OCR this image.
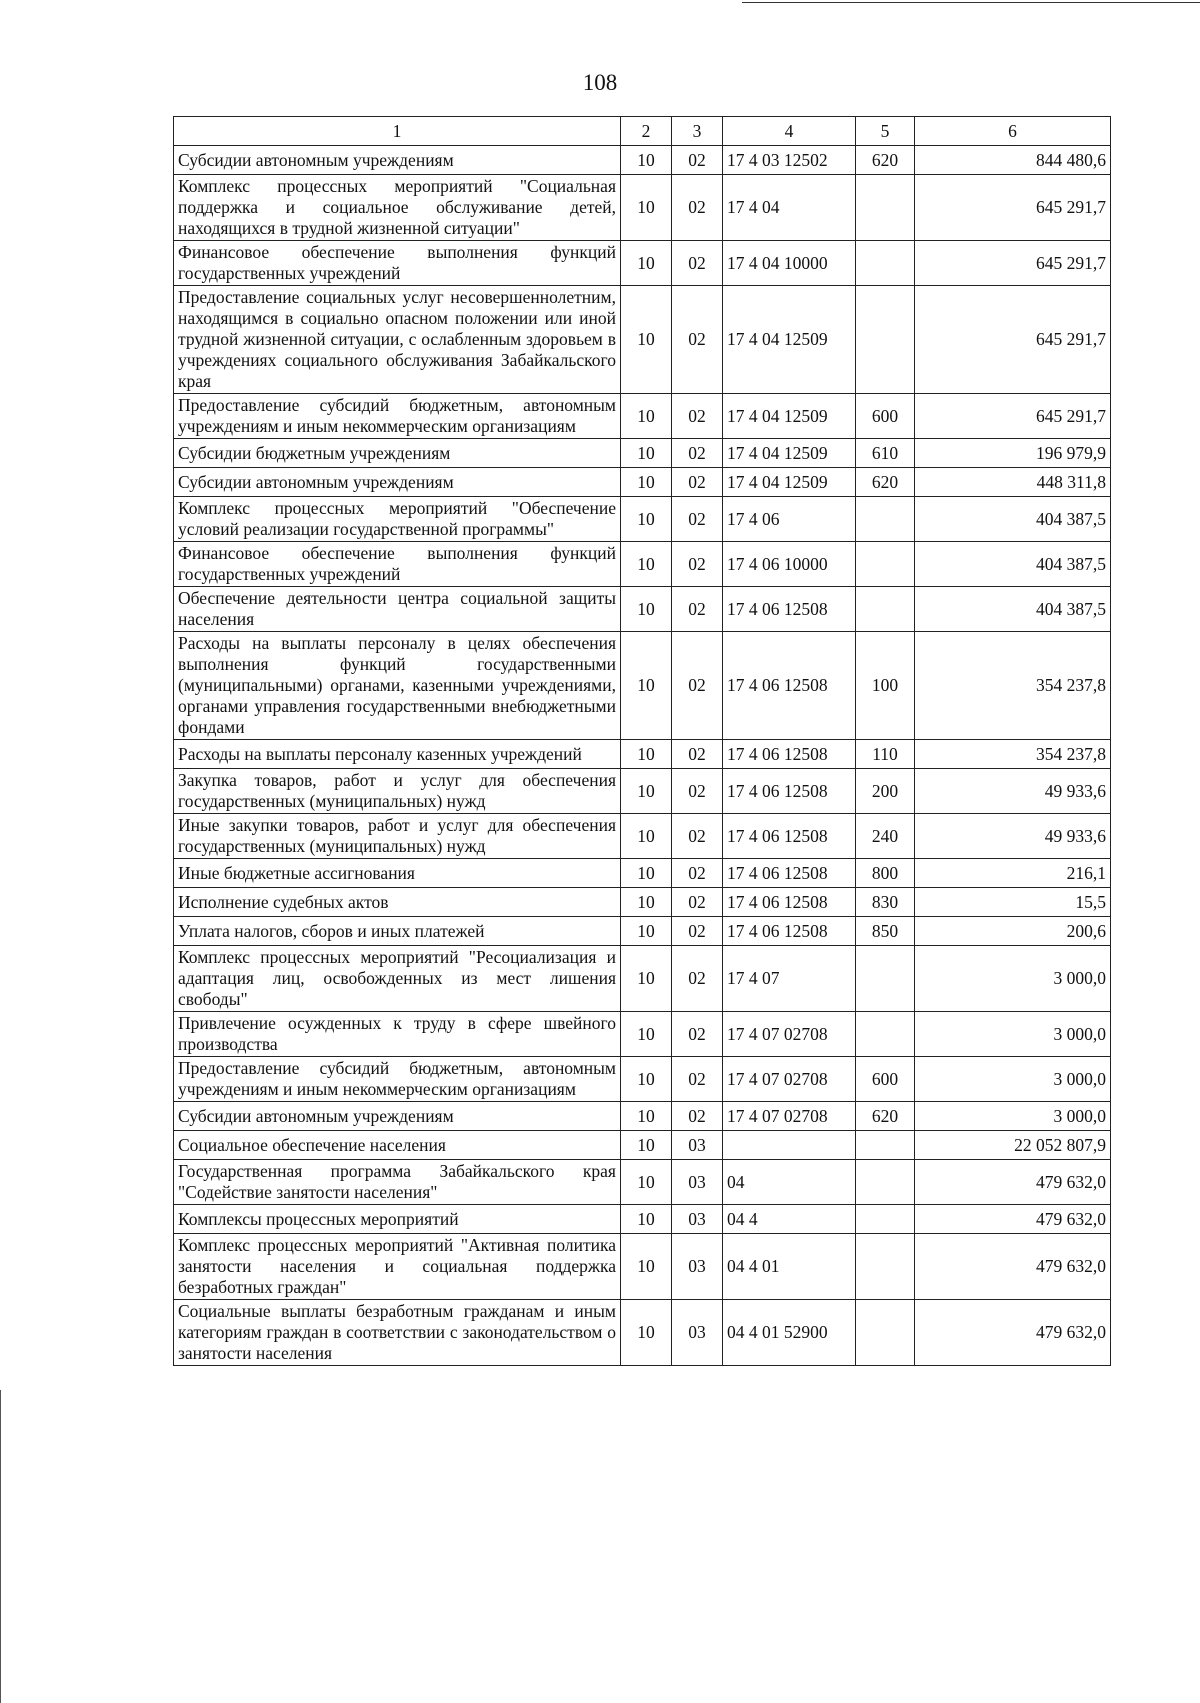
108
1	2	3	4	5	6
Субсидии автономным учреждениям	10	02	17 4 03 12502	620	844 480,6
Комплекс процессных мероприятий "Социальная поддержка и социальное обслуживание детей, находящихся в трудной жизненной ситуации"	10	02	17 4 04		645 291,7
Финансовое обеспечение выполнения функций государственных учреждений	10	02	17 4 04 10000		645 291,7
Предоставление социальных услуг несовершеннолетним, находящимся в социально опасном положении или иной трудной жизненной ситуации, с ослабленным здоровьем в учреждениях социального обслуживания Забайкальского края	10	02	17 4 04 12509		645 291,7
Предоставление субсидий бюджетным, автономным учреждениям и иным некоммерческим организациям	10	02	17 4 04 12509	600	645 291,7
Субсидии бюджетным учреждениям	10	02	17 4 04 12509	610	196 979,9
Субсидии автономным учреждениям	10	02	17 4 04 12509	620	448 311,8
Комплекс процессных мероприятий "Обеспечение условий реализации государственной программы"	10	02	17 4 06		404 387,5
Финансовое обеспечение выполнения функций государственных учреждений	10	02	17 4 06 10000		404 387,5
Обеспечение деятельности центра социальной защиты населения	10	02	17 4 06 12508		404 387,5
Расходы на выплаты персоналу в целях обеспечения выполнения функций государственными (муниципальными) органами, казенными учреждениями, органами управления государственными внебюджетными фондами	10	02	17 4 06 12508	100	354 237,8
Расходы на выплаты персоналу казенных учреждений	10	02	17 4 06 12508	110	354 237,8
Закупка товаров, работ и услуг для обеспечения государственных (муниципальных) нужд	10	02	17 4 06 12508	200	49 933,6
Иные закупки товаров, работ и услуг для обеспечения государственных (муниципальных) нужд	10	02	17 4 06 12508	240	49 933,6
Иные бюджетные ассигнования	10	02	17 4 06 12508	800	216,1
Исполнение судебных актов	10	02	17 4 06 12508	830	15,5
Уплата налогов, сборов и иных платежей	10	02	17 4 06 12508	850	200,6
Комплекс процессных мероприятий "Ресоциализация и адаптация лиц, освобожденных из мест лишения свободы"	10	02	17 4 07		3 000,0
Привлечение осужденных к труду в сфере швейного производства	10	02	17 4 07 02708		3 000,0
Предоставление субсидий бюджетным, автономным учреждениям и иным некоммерческим организациям	10	02	17 4 07 02708	600	3 000,0
Субсидии автономным учреждениям	10	02	17 4 07 02708	620	3 000,0
Социальное обеспечение населения	10	03			22 052 807,9
Государственная программа Забайкальского края "Содействие занятости населения"	10	03	04		479 632,0
Комплексы процессных мероприятий	10	03	04 4		479 632,0
Комплекс процессных мероприятий "Активная политика занятости населения и социальная поддержка безработных граждан"	10	03	04 4 01		479 632,0
Социальные выплаты безработным гражданам и иным категориям граждан в соответствии с законодательством о занятости населения	10	03	04 4 01 52900		479 632,0
